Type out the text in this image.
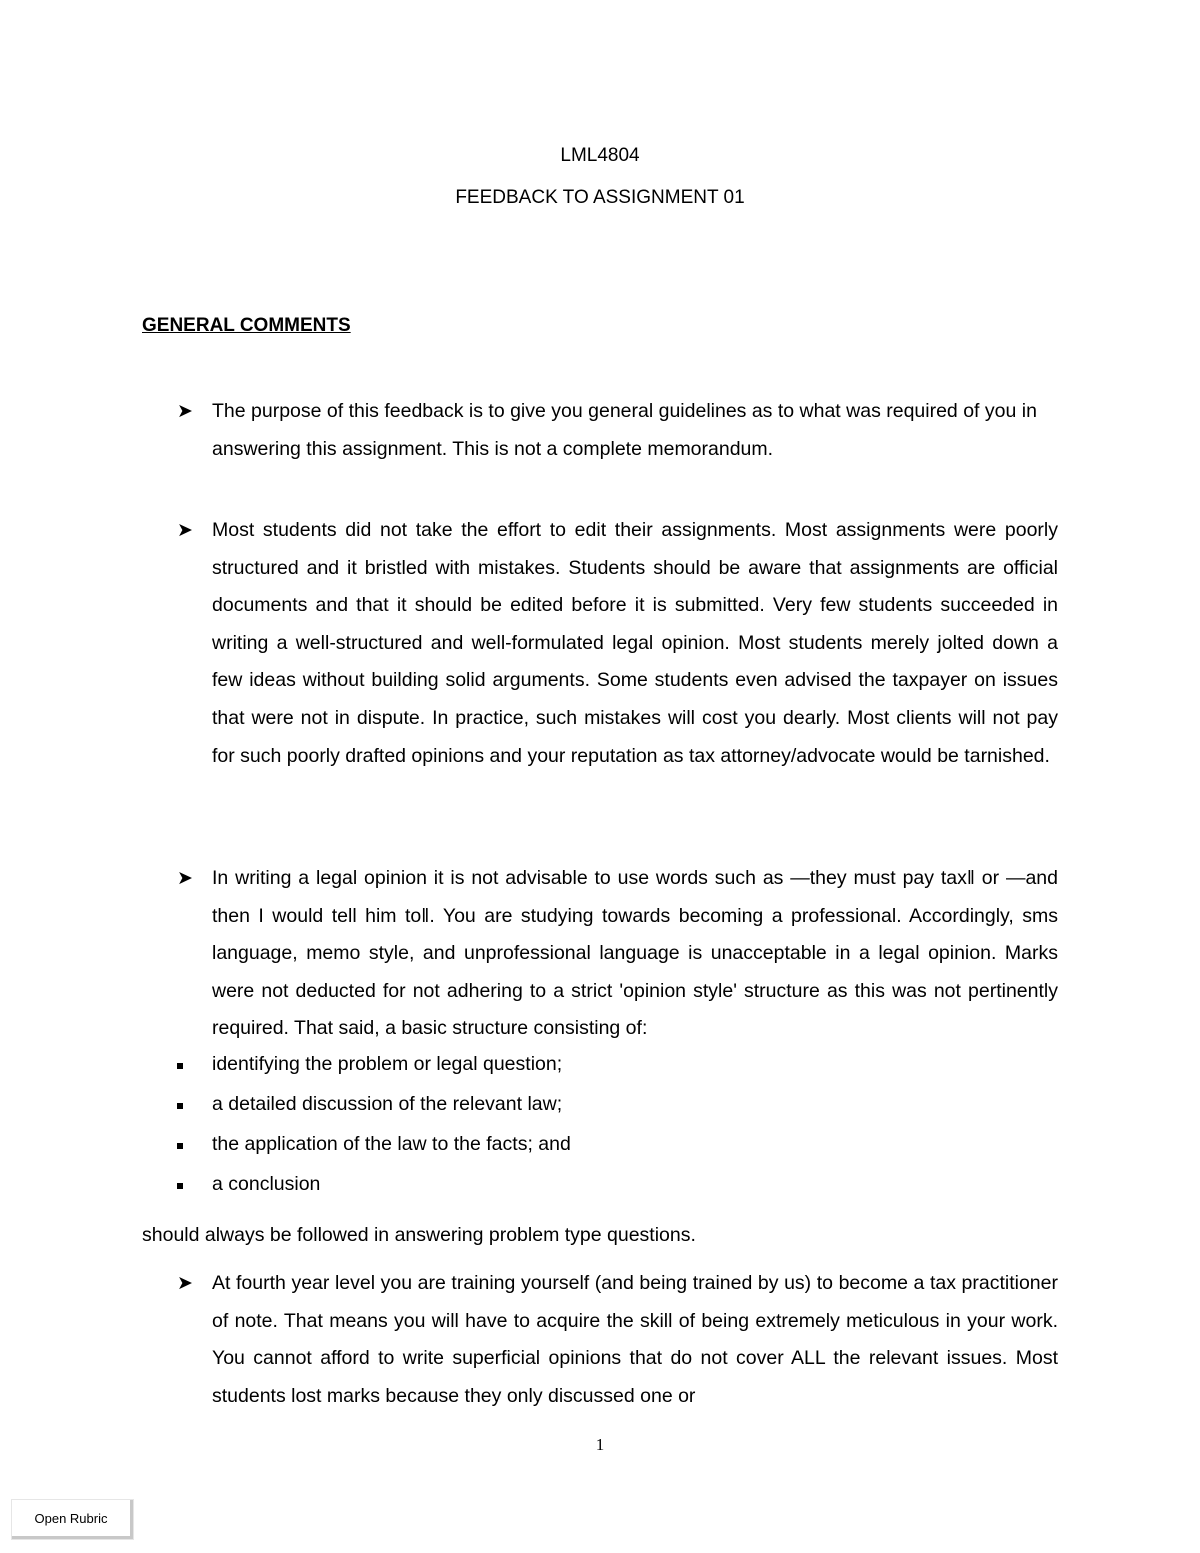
LML4804
FEEDBACK TO ASSIGNMENT 01
GENERAL COMMENTS
➤ The purpose of this feedback is to give you general guidelines as to what was required of you in answering this assignment. This is not a complete memorandum.
➤ Most students did not take the effort to edit their assignments. Most assignments were poorly structured and it bristled with mistakes. Students should be aware that assignments are official documents and that it should be edited before it is submitted. Very few students succeeded in writing a well-structured and well-formulated legal opinion. Most students merely jolted down a few ideas without building solid arguments. Some students even advised the taxpayer on issues that were not in dispute. In practice, such mistakes will cost you dearly. Most clients will not pay for such poorly drafted opinions and your reputation as tax attorney/advocate would be tarnished.
➤ In writing a legal opinion it is not advisable to use words such as —they must pay tax‖ or —and then I would tell him to‖. You are studying towards becoming a professional. Accordingly, sms language, memo style, and unprofessional language is unacceptable in a legal opinion. Marks were not deducted for not adhering to a strict 'opinion style' structure as this was not pertinently required. That said, a basic structure consisting of:
identifying the problem or legal question;
a detailed discussion of the relevant law;
the application of the law to the facts; and
a conclusion
should always be followed in answering problem type questions.
➤ At fourth year level you are training yourself (and being trained by us) to become a tax practitioner of note. That means you will have to acquire the skill of being extremely meticulous in your work. You cannot afford to write superficial opinions that do not cover ALL the relevant issues. Most students lost marks because they only discussed one or
1
Open Rubric
